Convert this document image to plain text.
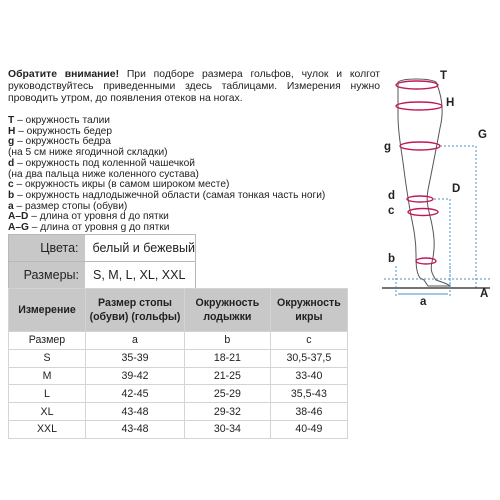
Обратите внимание! При подборе размера гольфов, чулок и колгот руководствуйтесь приведенными здесь таблицами. Измерения нужно проводить утром, до появления отеков на ногах.
T – окружность талии
H – окружность бедер
g – окружность бедра
(на 5 см ниже ягодичной складки)
d – окружность под коленной чашечкой
(на два пальца ниже коленного сустава)
c – окружность икры (в самом широком месте)
b – окружность надлодыжечной области (самая тонкая часть ноги)
a – размер стопы (обуви)
A–D – длина от уровня d до пятки
A–G – длина от уровня g до пятки
Цвета:	белый и бежевый
Размеры:	S, M, L, XL, XXL
Измерение	Размер стопы (обуви) (гольфы)	Окружность лодыжки	Окружность икры
Размер	a	b	c
S	35-39	18-21	30,5-37,5
M	39-42	21-25	33-40
L	42-45	25-29	35,5-43
XL	43-48	29-32	38-46
XXL	43-48	30-34	40-49
T
H
G
g
D
d
c
b
a
A
